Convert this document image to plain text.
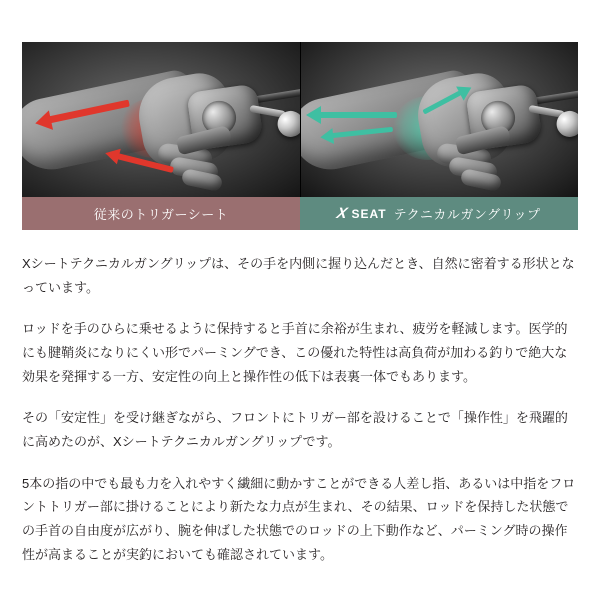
従来のトリガーシート	X SEAT テクニカルガングリップ

Xシートテクニカルガングリップは、その手を内側に握り込んだとき、自然に密着する形状となっています。

ロッドを手のひらに乗せるように保持すると手首に余裕が生まれ、疲労を軽減します。医学的にも腱鞘炎になりにくい形でパーミングでき、この優れた特性は高負荷が加わる釣りで絶大な効果を発揮する一方、安定性の向上と操作性の低下は表裏一体でもあります。

その「安定性」を受け継ぎながら、フロントにトリガー部を設けることで「操作性」を飛躍的に高めたのが、Xシートテクニカルガングリップです。

5本の指の中でも最も力を入れやすく繊細に動かすことができる人差し指、あるいは中指をフロントトリガー部に掛けることにより新たな力点が生まれ、その結果、ロッドを保持した状態での手首の自由度が広がり、腕を伸ばした状態でのロッドの上下動作など、パーミング時の操作性が高まることが実釣においても確認されています。
